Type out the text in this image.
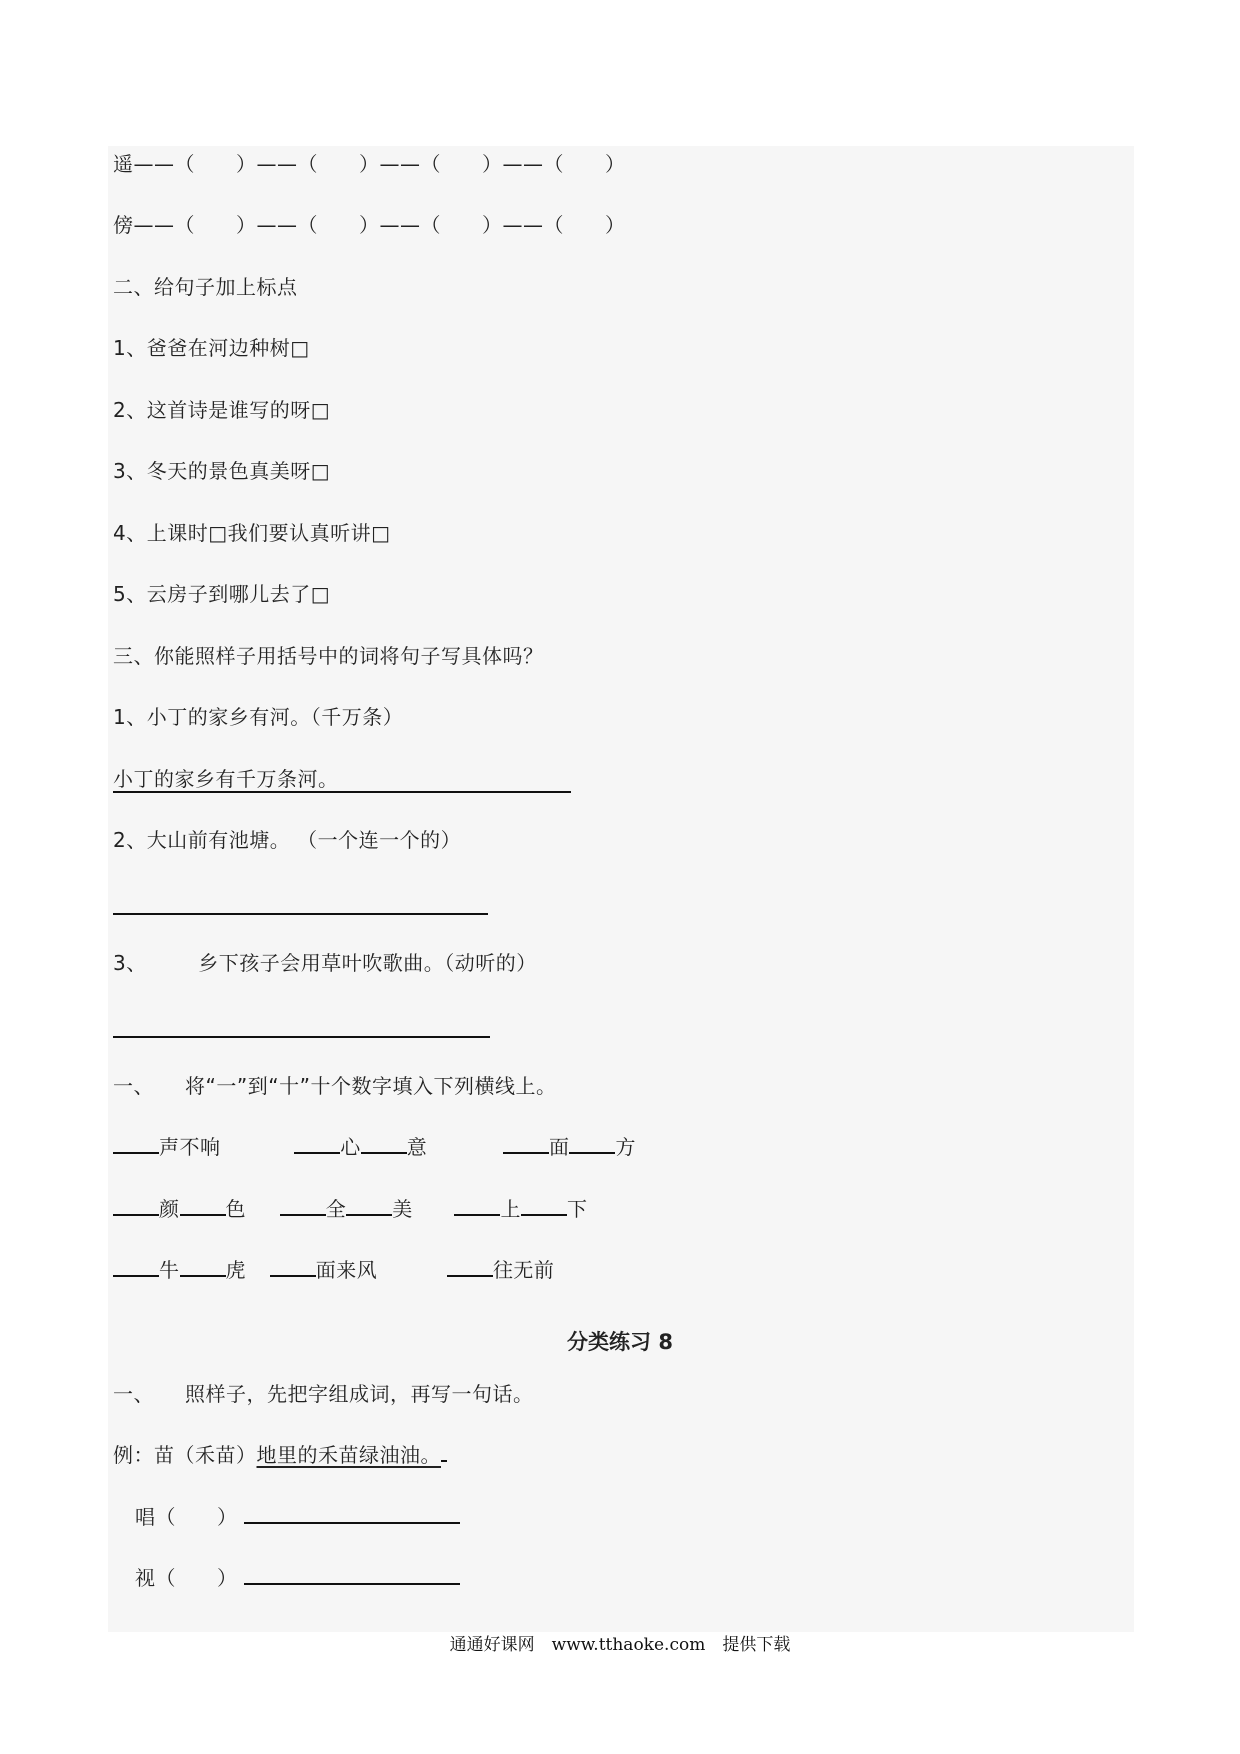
遥——（　　）——（　　）——（　　）——（　　）
傍——（　　）——（　　）——（　　）——（　　）
二、给句子加上标点
1、爸爸在河边种树□
2、这首诗是谁写的呀□
3、冬天的景色真美呀□
4、上课时□我们要认真听讲□
5、云房子到哪儿去了□
三、你能照样子用括号中的词将句子写具体吗？
1、小丁的家乡有河。（千万条）
小丁的家乡有千万条河。
2、大山前有池塘。 （一个连一个的）
3、　　　乡下孩子会用草叶吹歌曲。（动听的）
一、　　将“一”到“十”十个数字填入下列横线上。
声不响	心 意	面 方
颜 色	全 美	上 下
牛 虎	面来风	往无前
分类练习 8
一、　　照样子，先把字组成词，再写一句话。
例：苗（禾苗）地里的禾苗绿油油。
唱（　　）
视（　　）
通通好课网　www.tthaoke.com　提供下载
